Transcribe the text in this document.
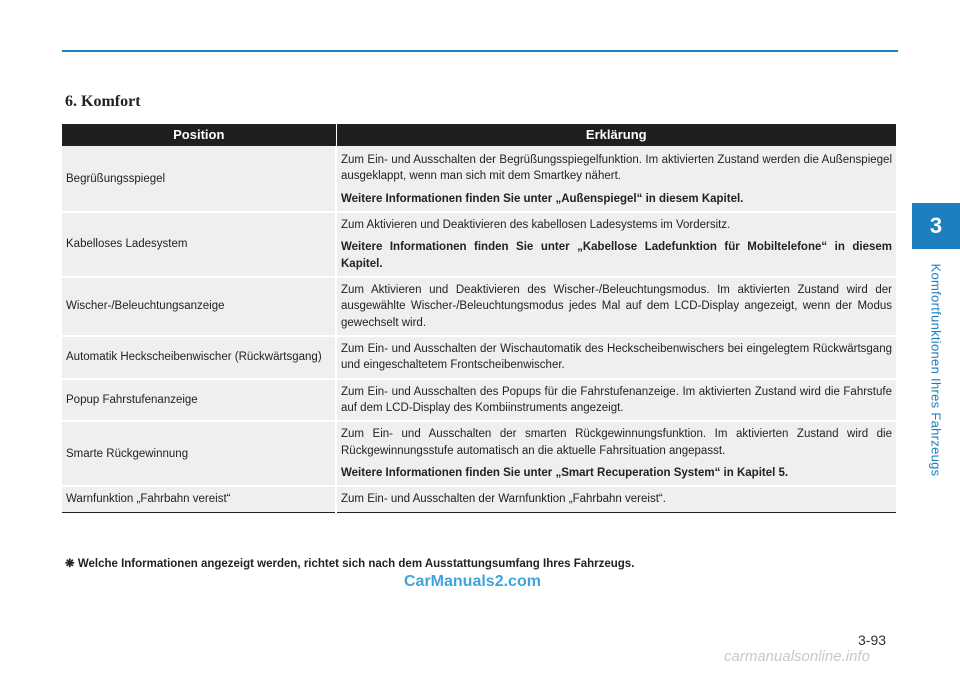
6. Komfort
3
Komfortfunktionen Ihres Fahrzeugs
Position	Erklärung
Begrüßungsspiegel	Zum Ein- und Ausschalten der Begrüßungsspiegelfunktion. Im aktivierten Zustand werden die Außenspiegel ausgeklappt, wenn man sich mit dem Smartkey nähert.
Weitere Informationen finden Sie unter „Außenspiegel“ in diesem Kapitel.

Kabelloses Ladesystem	Zum Aktivieren und Deaktivieren des kabellosen Ladesystems im Vordersitz.
Weitere Informationen finden Sie unter „Kabellose Ladefunktion für Mobiltelefone“ in diesem Kapitel.

Wischer-/Beleuchtungsanzeige	Zum Aktivieren und Deaktivieren des Wischer-/Beleuchtungsmodus. Im aktivierten Zustand wird der ausgewählte Wischer-/Beleuchtungsmodus jedes Mal auf dem LCD-Display angezeigt, wenn der Modus gewechselt wird.
Automatik Heckscheibenwischer (Rückwärtsgang)	Zum Ein- und Ausschalten der Wischautomatik des Heckscheibenwischers bei eingelegtem Rückwärtsgang und eingeschaltetem Frontscheibenwischer.
Popup Fahrstufenanzeige	Zum Ein- und Ausschalten des Popups für die Fahrstufenanzeige. Im aktivierten Zustand wird die Fahrstufe auf dem LCD-Display des Kombiinstruments angezeigt.
Smarte Rückgewinnung	Zum Ein- und Ausschalten der smarten Rückgewinnungsfunktion. Im aktivierten Zustand wird die Rückgewinnungsstufe automatisch an die aktuelle Fahrsituation angepasst.
Weitere Informationen finden Sie unter „Smart Recuperation System“ in Kapitel 5.

Warnfunktion „Fahrbahn vereist“	Zum Ein- und Ausschalten der Warnfunktion „Fahrbahn vereist“.
❋ Welche Informationen angezeigt werden, richtet sich nach dem Ausstattungsumfang Ihres Fahrzeugs.
CarManuals2.com
3-93
carmanualsonline.info
